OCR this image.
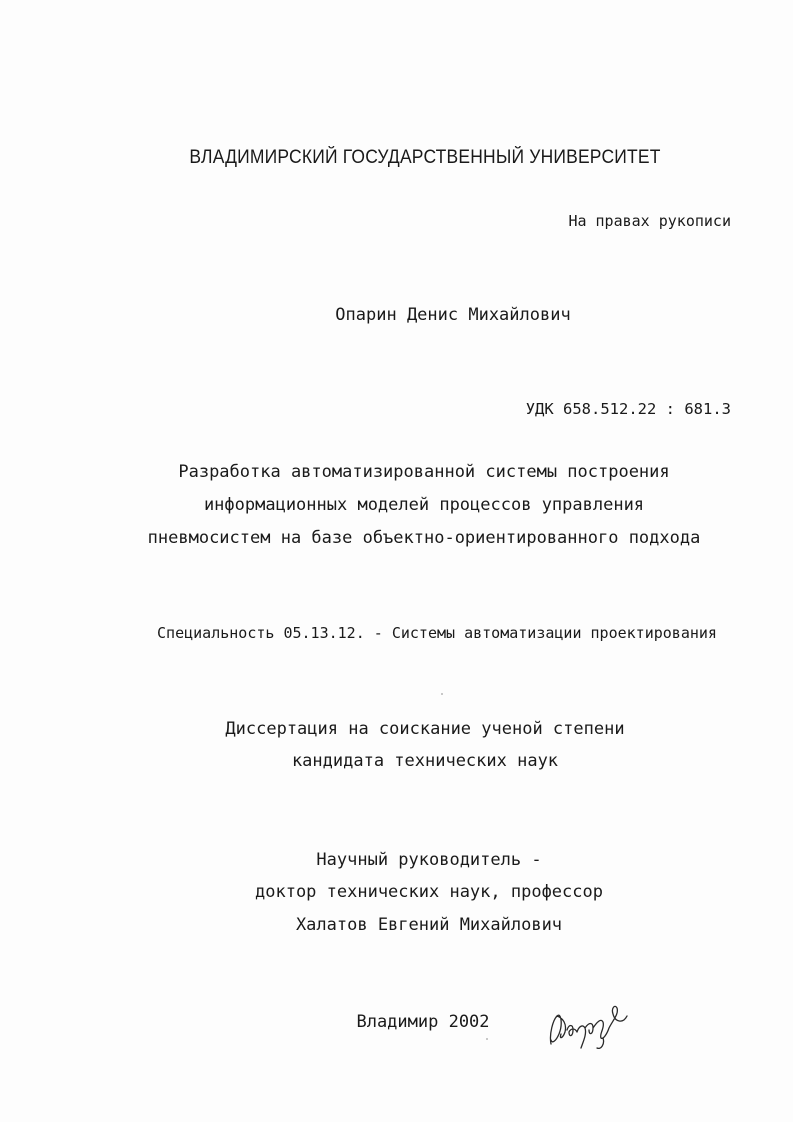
ВЛАДИМИРСКИЙ ГОСУДАРСТВЕННЫЙ УНИВЕРСИТЕТ
На правах рукописи
Опарин Денис Михайлович
УДК 658.512.22 : 681.3
Разработка автоматизированной системы построения
информационных моделей процессов управления
пневмосистем на базе объектно-ориентированного подхода
Специальность 05.13.12. - Системы автоматизации проектирования
Диссертация на соискание ученой степени
кандидата технических наук
Научный руководитель -
доктор технических наук, профессор
Халатов Евгений Михайлович
Владимир 2002
